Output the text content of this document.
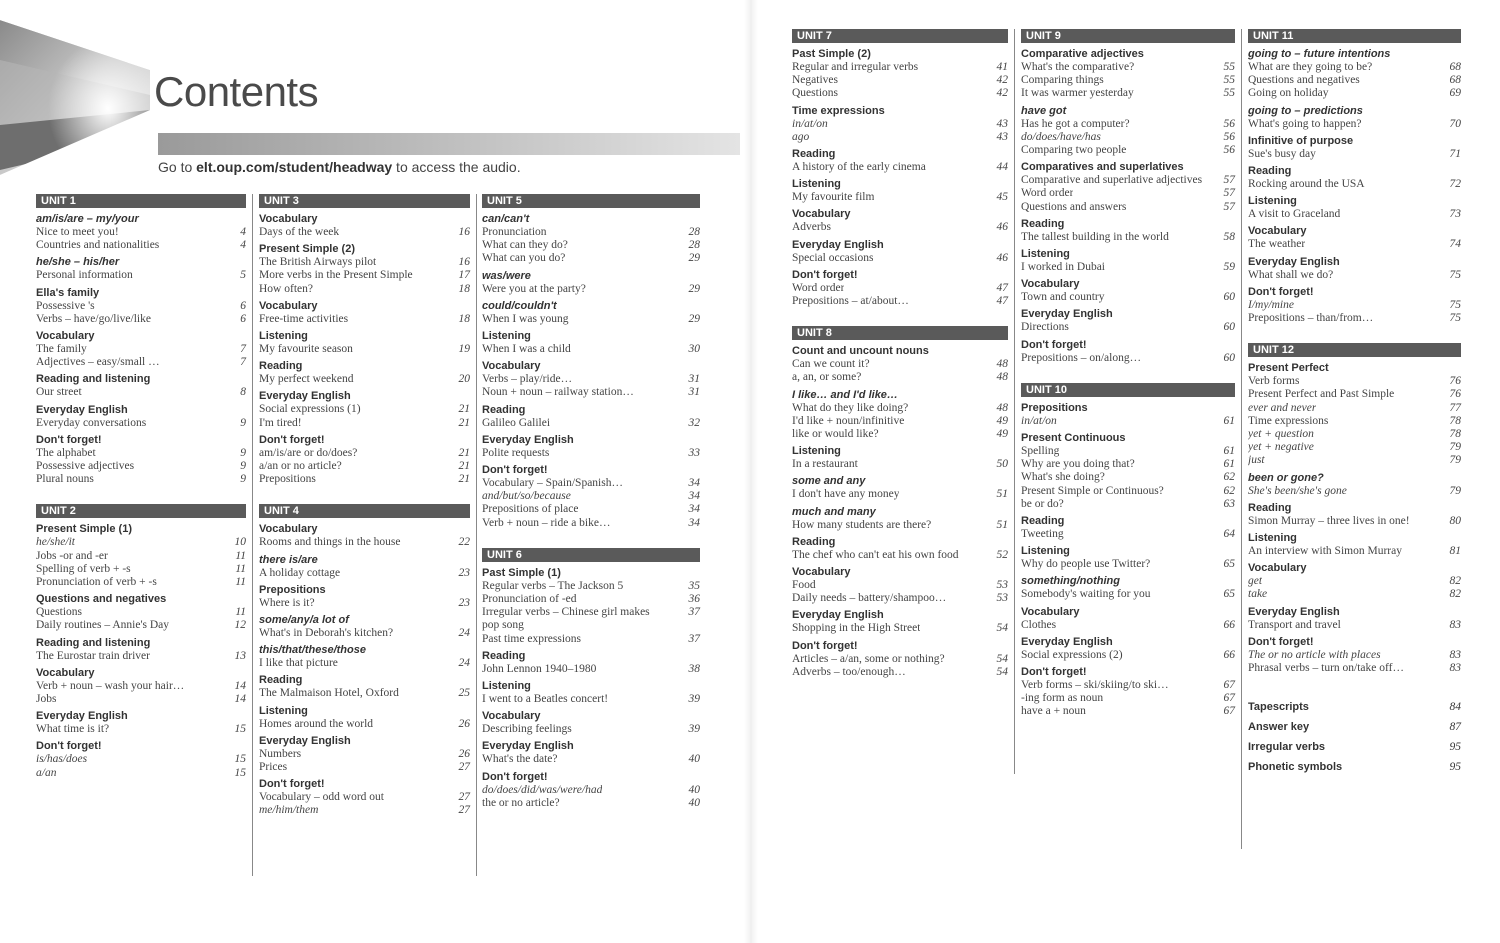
Contents
Go to elt.oup.com/student/headway to access the audio.
UNIT 1
am/is/are – my/your
Nice to meet you!	4
Countries and nationalities	4
he/she – his/her
Personal information	5
Ella's family
Possessive 's	6
Verbs – have/go/live/like	6
Vocabulary
The family	7
Adjectives – easy/small …	7
Reading and listening
Our street	8
Everyday English
Everyday conversations	9
Don't forget!
The alphabet	9
Possessive adjectives	9
Plural nouns	9
UNIT 2
Present Simple (1)
he/she/it	10
Jobs -or and -er	11
Spelling of verb + -s	11
Pronunciation of verb + -s	11
Questions and negatives
Questions	11
Daily routines – Annie's Day	12
Reading and listening
The Eurostar train driver	13
Vocabulary
Verb + noun – wash your hair…	14
Jobs	14
Everyday English
What time is it?	15
Don't forget!
is/has/does	15
a/an	15
UNIT 3
Vocabulary
Days of the week	16
Present Simple (2)
The British Airways pilot	16
More verbs in the Present Simple	17
How often?	18
Vocabulary
Free-time activities	18
Listening
My favourite season	19
Reading
My perfect weekend	20
Everyday English
Social expressions (1)	21
I'm tired!	21
Don't forget!
am/is/are or do/does?	21
a/an or no article?	21
Prepositions	21
UNIT 4
Vocabulary
Rooms and things in the house	22
there is/are
A holiday cottage	23
Prepositions
Where is it?	23
some/any/a lot of
What's in Deborah's kitchen?	24
this/that/these/those
I like that picture	24
Reading
The Malmaison Hotel, Oxford	25
Listening
Homes around the world	26
Everyday English
Numbers	26
Prices	27
Don't forget!
Vocabulary – odd word out	27
me/him/them	27
UNIT 5
can/can't
Pronunciation	28
What can they do?	28
What can you do?	29
was/were
Were you at the party?	29
could/couldn't
When I was young	29
Listening
When I was a child	30
Vocabulary
Verbs – play/ride…	31
Noun + noun – railway station…	31
Reading
Galileo Galilei	32
Everyday English
Polite requests	33
Don't forget!
Vocabulary – Spain/Spanish…	34
and/but/so/because	34
Prepositions of place	34
Verb + noun – ride a bike…	34
UNIT 6
Past Simple (1)
Regular verbs – The Jackson 5	35
Pronunciation of -ed	36
Irregular verbs – Chinese girl makes	37
pop song
Past time expressions	37
Reading
John Lennon 1940–1980	38
Listening
I went to a Beatles concert!	39
Vocabulary
Describing feelings	39
Everyday English
What's the date?	40
Don't forget!
do/does/did/was/were/had	40
the or no article?	40
UNIT 7
Past Simple (2)
Regular and irregular verbs	41
Negatives	42
Questions	42
Time expressions
in/at/on	43
ago	43
Reading
A history of the early cinema	44
Listening
My favourite film	45
Vocabulary
Adverbs	46
Everyday English
Special occasions	46
Don't forget!
Word order	47
Prepositions – at/about…	47
UNIT 8
Count and uncount nouns
Can we count it?	48
a, an, or some?	48
I like… and I'd like…
What do they like doing?	48
I'd like + noun/infinitive	49
like or would like?	49
Listening
In a restaurant	50
some and any
I don't have any money	51
much and many
How many students are there?	51
Reading
The chef who can't eat his own food	52
Vocabulary
Food	53
Daily needs – battery/shampoo…	53
Everyday English
Shopping in the High Street	54
Don't forget!
Articles – a/an, some or nothing?	54
Adverbs – too/enough…	54
UNIT 9
Comparative adjectives
What's the comparative?	55
Comparing things	55
It was warmer yesterday	55
have got
Has he got a computer?	56
do/does/have/has	56
Comparing two people	56
Comparatives and superlatives
Comparative and superlative adjectives	57
Word order	57
Questions and answers	57
Reading
The tallest building in the world	58
Listening
I worked in Dubai	59
Vocabulary
Town and country	60
Everyday English
Directions	60
Don't forget!
Prepositions – on/along…	60
UNIT 10
Prepositions
in/at/on	61
Present Continuous
Spelling	61
Why are you doing that?	61
What's she doing?	62
Present Simple or Continuous?	62
be or do?	63
Reading
Tweeting	64
Listening
Why do people use Twitter?	65
something/nothing
Somebody's waiting for you	65
Vocabulary
Clothes	66
Everyday English
Social expressions (2)	66
Don't forget!
Verb forms – ski/skiing/to ski…	67
-ing form as noun	67
have a + noun	67
UNIT 11
going to – future intentions
What are they going to be?	68
Questions and negatives	68
Going on holiday	69
going to – predictions
What's going to happen?	70
Infinitive of purpose
Sue's busy day	71
Reading
Rocking around the USA	72
Listening
A visit to Graceland	73
Vocabulary
The weather	74
Everyday English
What shall we do?	75
Don't forget!
I/my/mine	75
Prepositions – than/from…	75
UNIT 12
Present Perfect
Verb forms	76
Present Perfect and Past Simple	76
ever and never	77
Time expressions	78
yet + question	78
yet + negative	79
just	79
been or gone?
She's been/she's gone	79
Reading
Simon Murray – three lives in one!	80
Listening
An interview with Simon Murray	81
Vocabulary
get	82
take	82
Everyday English
Transport and travel	83
Don't forget!
The or no article with places	83
Phrasal verbs – turn on/take off…	83
Tapescripts	84
Answer key	87
Irregular verbs	95
Phonetic symbols	95
